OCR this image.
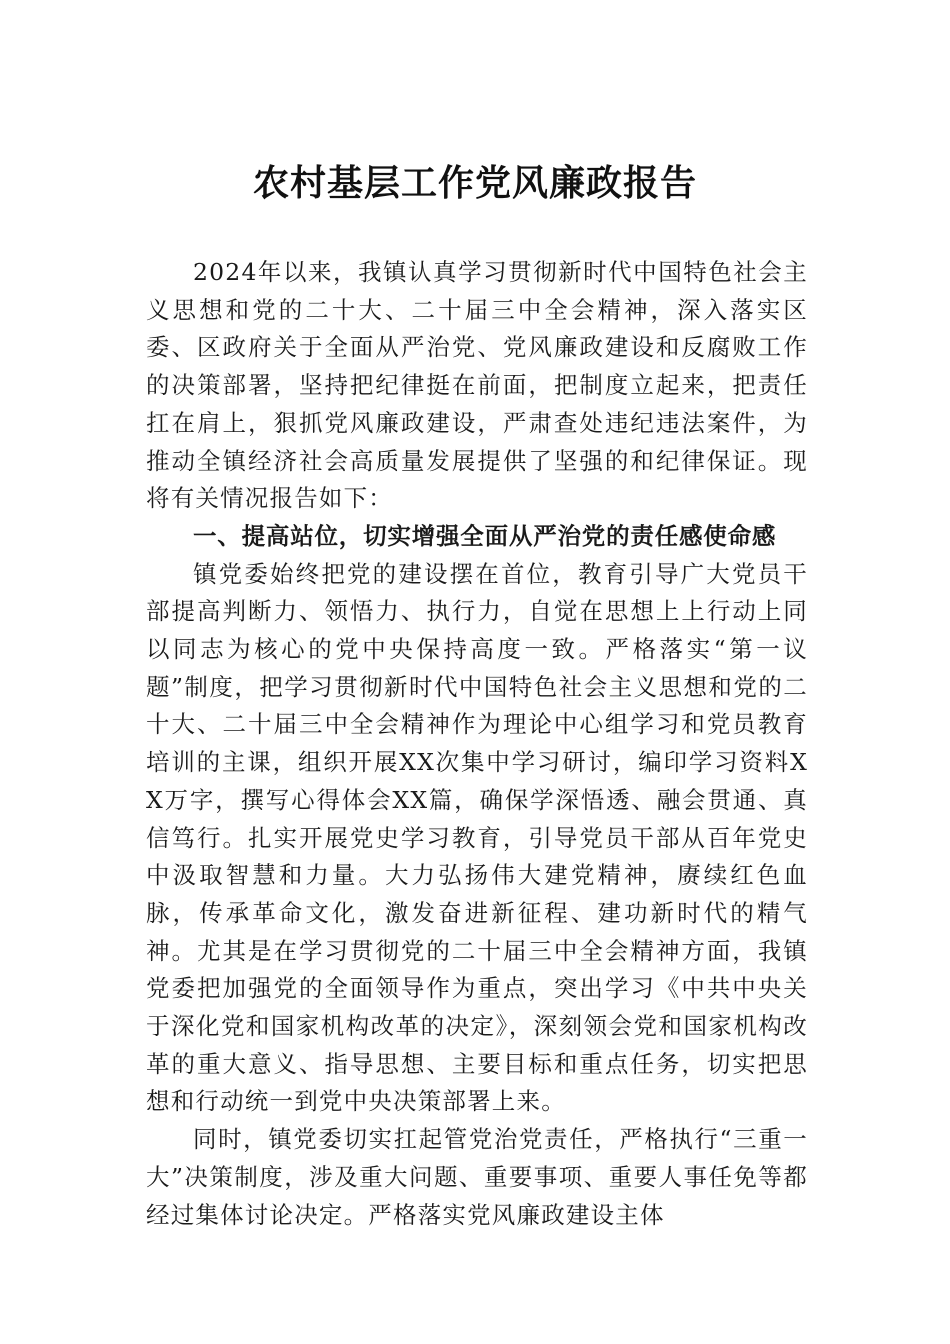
农村基层工作党风廉政报告

2024年以来，我镇认真学习贯彻新时代中国特色社会主义思想和党的二十大、二十届三中全会精神，深入落实区委、区政府关于全面从严治党、党风廉政建设和反腐败工作的决策部署，坚持把纪律挺在前面，把制度立起来，把责任扛在肩上，狠抓党风廉政建设，严肃查处违纪违法案件，为推动全镇经济社会高质量发展提供了坚强的和纪律保证。现将有关情况报告如下：

一、提高站位，切实增强全面从严治党的责任感使命感

镇党委始终把党的建设摆在首位，教育引导广大党员干部提高判断力、领悟力、执行力，自觉在思想上上行动上同以同志为核心的党中央保持高度一致。严格落实“第一议题”制度，把学习贯彻新时代中国特色社会主义思想和党的二十大、二十届三中全会精神作为理论中心组学习和党员教育培训的主课，组织开展XX次集中学习研讨，编印学习资料XX万字，撰写心得体会XX篇，确保学深悟透、融会贯通、真信笃行。扎实开展党史学习教育，引导党员干部从百年党史中汲取智慧和力量。大力弘扬伟大建党精神，赓续红色血脉，传承革命文化，激发奋进新征程、建功新时代的精气神。尤其是在学习贯彻党的二十届三中全会精神方面，我镇党委把加强党的全面领导作为重点，突出学习《中共中央关于深化党和国家机构改革的决定》，深刻领会党和国家机构改革的重大意义、指导思想、主要目标和重点任务，切实把思想和行动统一到党中央决策部署上来。

同时，镇党委切实扛起管党治党责任，严格执行“三重一大”决策制度，涉及重大问题、重要事项、重要人事任免等都经过集体讨论决定。严格落实党风廉政建设主体
